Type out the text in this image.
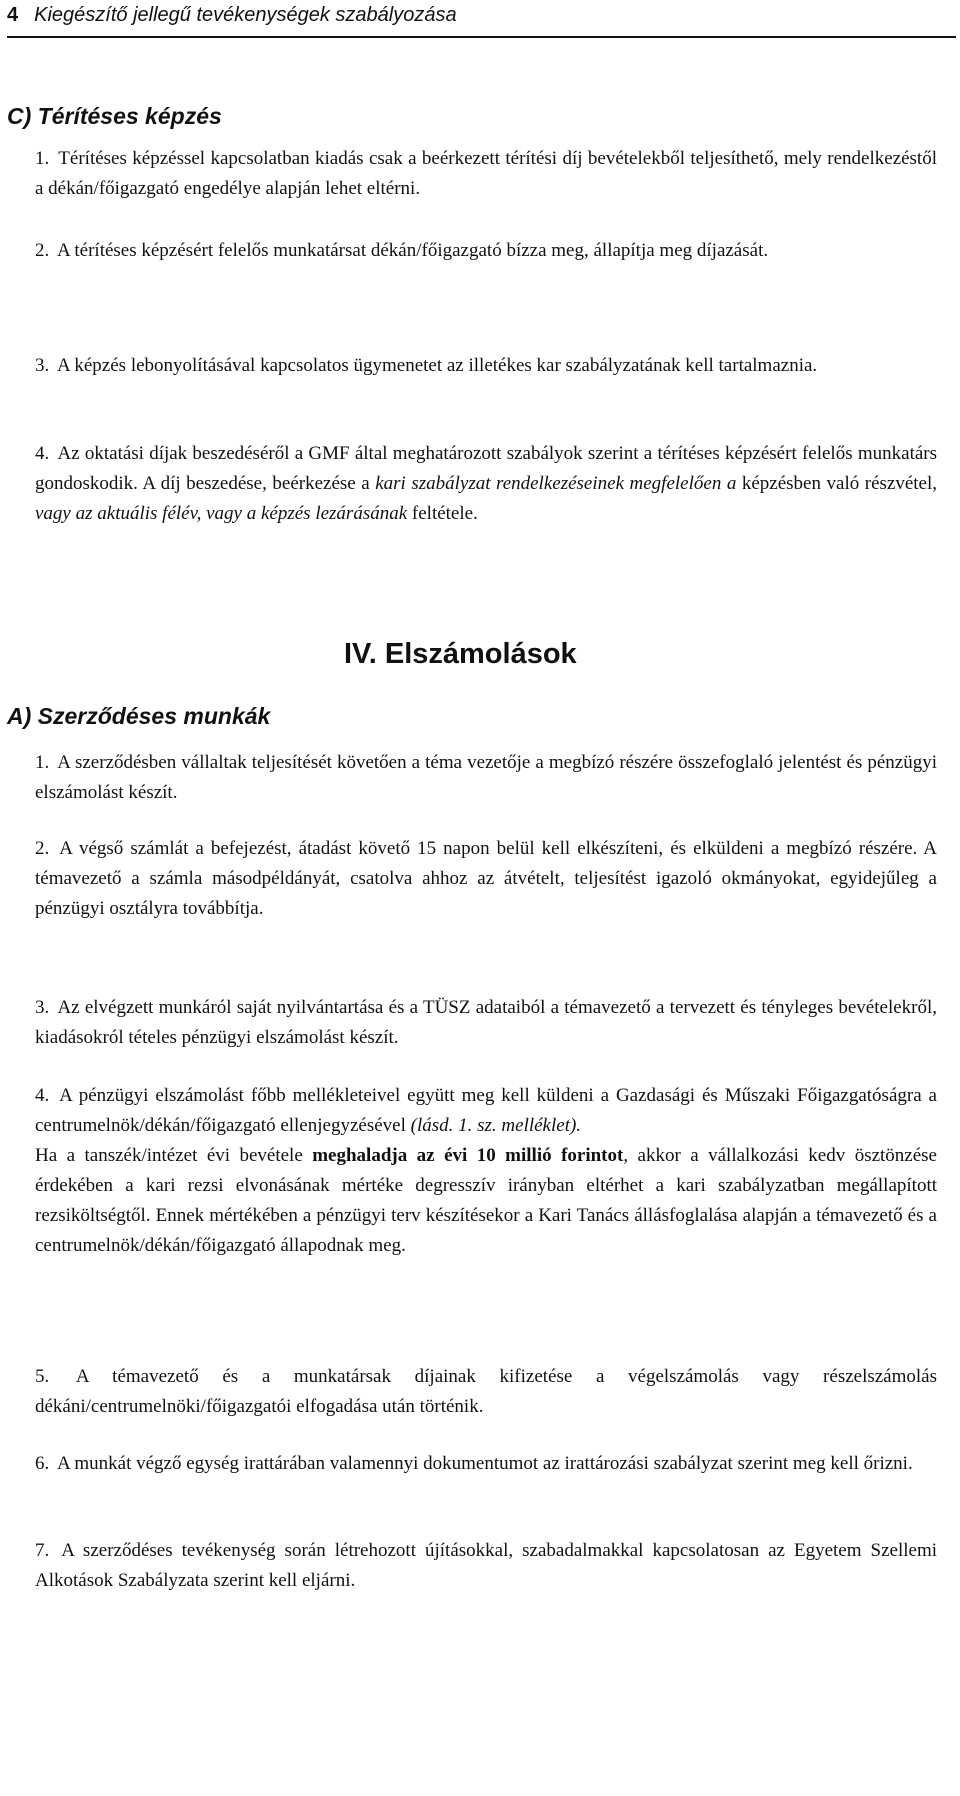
4 Kiegészítő jellegű tevékenységek szabályozása
C) Térítéses képzés

1. Térítéses képzéssel kapcsolatban kiadás csak a beérkezett térítési díj bevételekből teljesíthető, mely rendelkezéstől a dékán/főigazgató engedélye alapján lehet eltérni.

2. A térítéses képzésért felelős munkatársat dékán/főigazgató bízza meg, állapítja meg díjazását.

3. A képzés lebonyolításával kapcsolatos ügymenetet az illetékes kar szabályzatának kell tartalmaznia.

4. Az oktatási díjak beszedéséről a GMF által meghatározott szabályok szerint a térítéses képzésért felelős munkatárs gondoskodik. A díj beszedése, beérkezése a kari szabályzat rendelkezéseinek megfelelően a képzésben való részvétel, vagy az aktuális félév, vagy a képzés lezárásának feltétele.

IV. Elszámolások
A) Szerződéses munkák

1. A szerződésben vállaltak teljesítését követően a téma vezetője a megbízó részére összefoglaló jelentést és pénzügyi elszámolást készít.

2. A végső számlát a befejezést, átadást követő 15 napon belül kell elkészíteni, és elküldeni a megbízó részére. A témavezető a számla másodpéldányát, csatolva ahhoz az átvételt, teljesítést igazoló okmányokat, egyidejűleg a pénzügyi osztályra továbbítja.

3. Az elvégzett munkáról saját nyilvántartása és a TÜSZ adataiból a témavezető a tervezett és tényleges bevételekről, kiadásokról tételes pénzügyi elszámolást készít.

4. A pénzügyi elszámolást főbb mellékleteivel együtt meg kell küldeni a Gazdasági és Műszaki Főigazgatóságra a centrumelnök/dékán/főigazgató ellenjegyzésével (lásd. 1. sz. melléklet).
Ha a tanszék/intézet évi bevétele meghaladja az évi 10 millió forintot, akkor a vállalkozási kedv ösztönzése érdekében a kari rezsi elvonásának mértéke degresszív irányban eltérhet a kari szabályzatban megállapított rezsiköltségtől. Ennek mértékében a pénzügyi terv készítésekor a Kari Tanács állásfoglalása alapján a témavezető és a centrumelnök/dékán/főigazgató állapodnak meg.

5. A témavezető és a munkatársak díjainak kifizetése a végelszámolás vagy részelszámolás dékáni/centrumelnöki/főigazgatói elfogadása után történik.

6. A munkát végző egység irattárában valamennyi dokumentumot az irattározási szabályzat szerint meg kell őrizni.

7. A szerződéses tevékenység során létrehozott újításokkal, szabadalmakkal kapcsolatosan az Egyetem Szellemi Alkotások Szabályzata szerint kell eljárni.
